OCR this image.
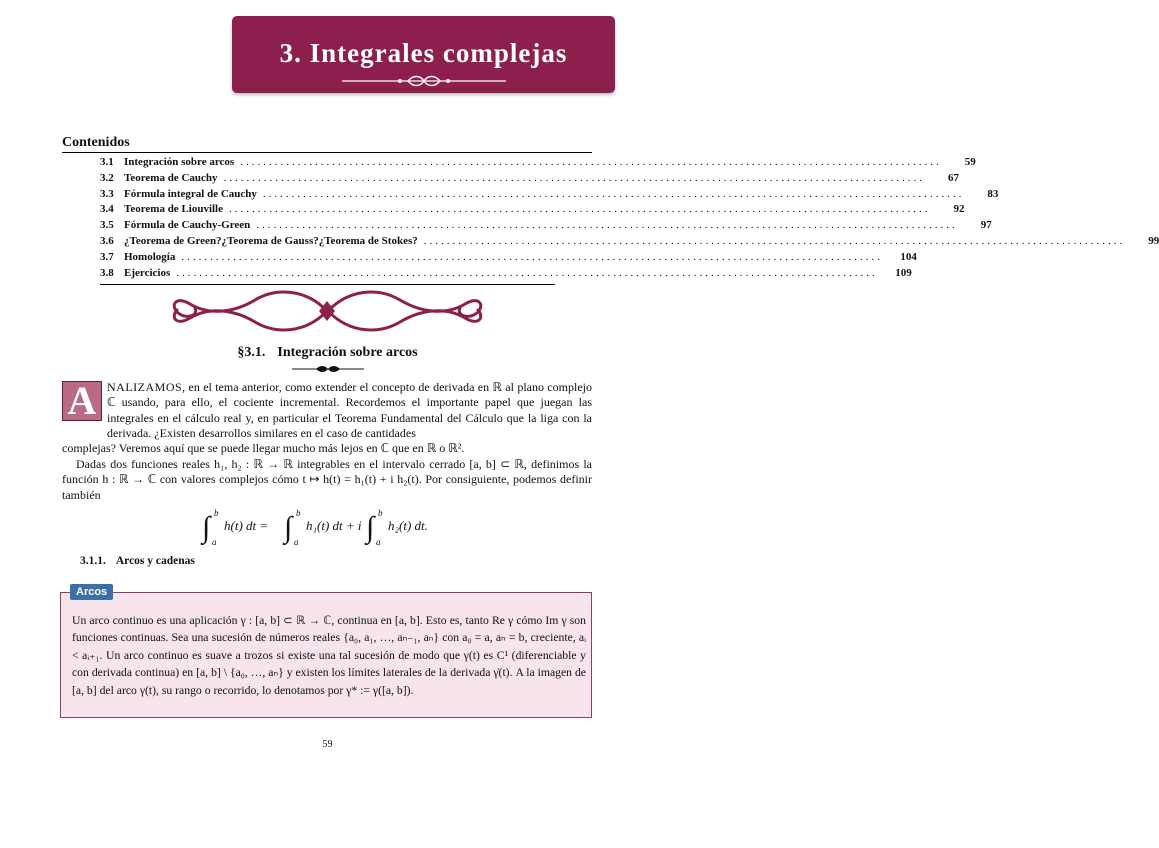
3. Integrales complejas
Contenidos
3.1 Integración sobre arcos ..........................................................................................................................	59
3.2 Teorema de Cauchy ..........................................................................................................................	67
3.3 Fórmula integral de Cauchy ..........................................................................................................................	83
3.4 Teorema de Liouville ..........................................................................................................................	92
3.5 Fórmula de Cauchy-Green ..........................................................................................................................	97
3.6 ¿Teorema de Green?¿Teorema de Gauss?¿Teorema de Stokes? ..........................................................................................................................	99
3.7 Homología ..........................................................................................................................	104
3.8 Ejercicios ..........................................................................................................................	109
§3.1. Integración sobre arcos
A NALIZAMOS, en el tema anterior, como extender el concepto de derivada en ℝ al plano complejo ℂ usando, para ello, el cociente incremental. Recordemos el importante papel que juegan las integrales en el cálculo real y, en particular el Teorema Fundamental del Cálculo que la liga con la derivada. ¿Existen desarrollos similares en el caso de cantidades
complejas? Veremos aquí que se puede llegar mucho más lejos en ℂ que en ℝ o ℝ².
Dadas dos funciones reales h₁, h₂ : ℝ → ℝ integrables en el intervalo cerrado [a, b] ⊂ ℝ, definimos la función h : ℝ → ℂ con valores complejos cómo t ↦ h(t) = h₁(t) + i h₂(t). Por consiguiente, podemos definir también
∫ b
a
h(t) dt = ∫ b
a
h₁(t) dt + i ∫ b
a
h₂(t) dt.
3.1.1. Arcos y cadenas
Arcos
Un arco continuo es una aplicación γ : [a, b] ⊂ ℝ → ℂ, continua en [a, b]. Esto es, tanto Re γ cómo Im γ son funciones continuas. Sea una sucesión de números reales {a₀, a₁, …, aₙ₋₁, aₙ} con a₀ = a, aₙ = b, creciente, aᵢ < aᵢ₊₁. Un arco continuo es suave a trozos si existe una tal sucesión de modo que γ(t) es C¹ (diferenciable y con derivada continua) en [a, b] \ {a₀, …, aₙ} y existen los límites laterales de la derivada γ̇(t). A la imagen de [a, b] del arco γ(t), su rango o recorrido, lo denotamos por γ* := γ([a, b]).
59
